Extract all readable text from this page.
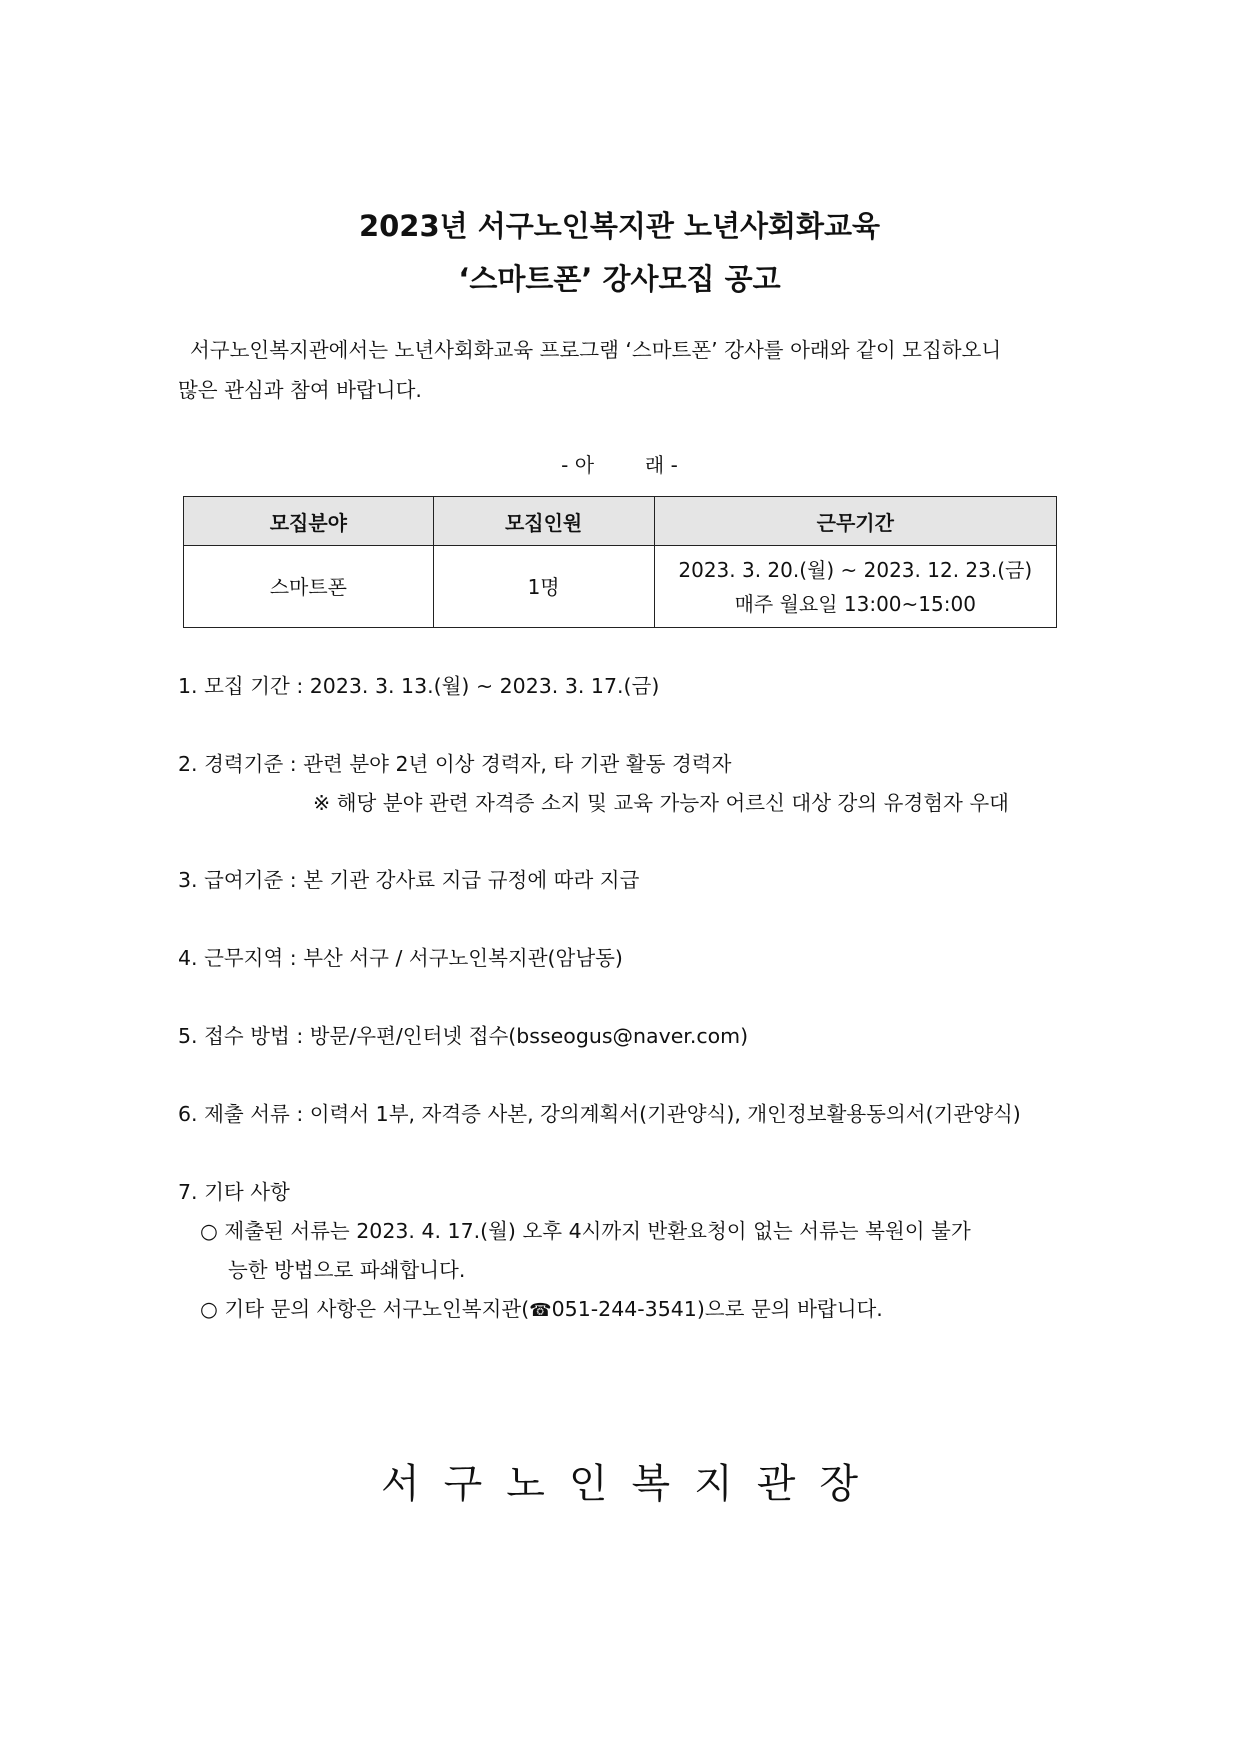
2023년 서구노인복지관 노년사회화교육
‘스마트폰’ 강사모집 공고
서구노인복지관에서는 노년사회화교육 프로그램 ‘스마트폰’ 강사를 아래와 같이 모집하오니
많은 관심과 참여 바랍니다.
- 아        래 -
모집분야	모집인원	근무기간
스마트폰	1명	2023. 3. 20.(월) ~ 2023. 12. 23.(금)
매주 월요일 13:00~15:00
1. 모집 기간 : 2023. 3. 13.(월) ~ 2023. 3. 17.(금)
2. 경력기준 : 관련 분야 2년 이상 경력자, 타 기관 활동 경력자
※ 해당 분야 관련 자격증 소지 및 교육 가능자 어르신 대상 강의 유경험자 우대
3. 급여기준 : 본 기관 강사료 지급 규정에 따라 지급
4. 근무지역 : 부산 서구 / 서구노인복지관(암남동)
5. 접수 방법 : 방문/우편/인터넷 접수(bsseogus@naver.com)
6. 제출 서류 : 이력서 1부, 자격증 사본, 강의계획서(기관양식), 개인정보활용동의서(기관양식)
7. 기타 사항
○ 제출된 서류는 2023. 4. 17.(월) 오후 4시까지 반환요청이 없는 서류는 복원이 불가
능한 방법으로 파쇄합니다.
○ 기타 문의 사항은 서구노인복지관(☎051-244-3541)으로 문의 바랍니다.
서구노인복지관장
